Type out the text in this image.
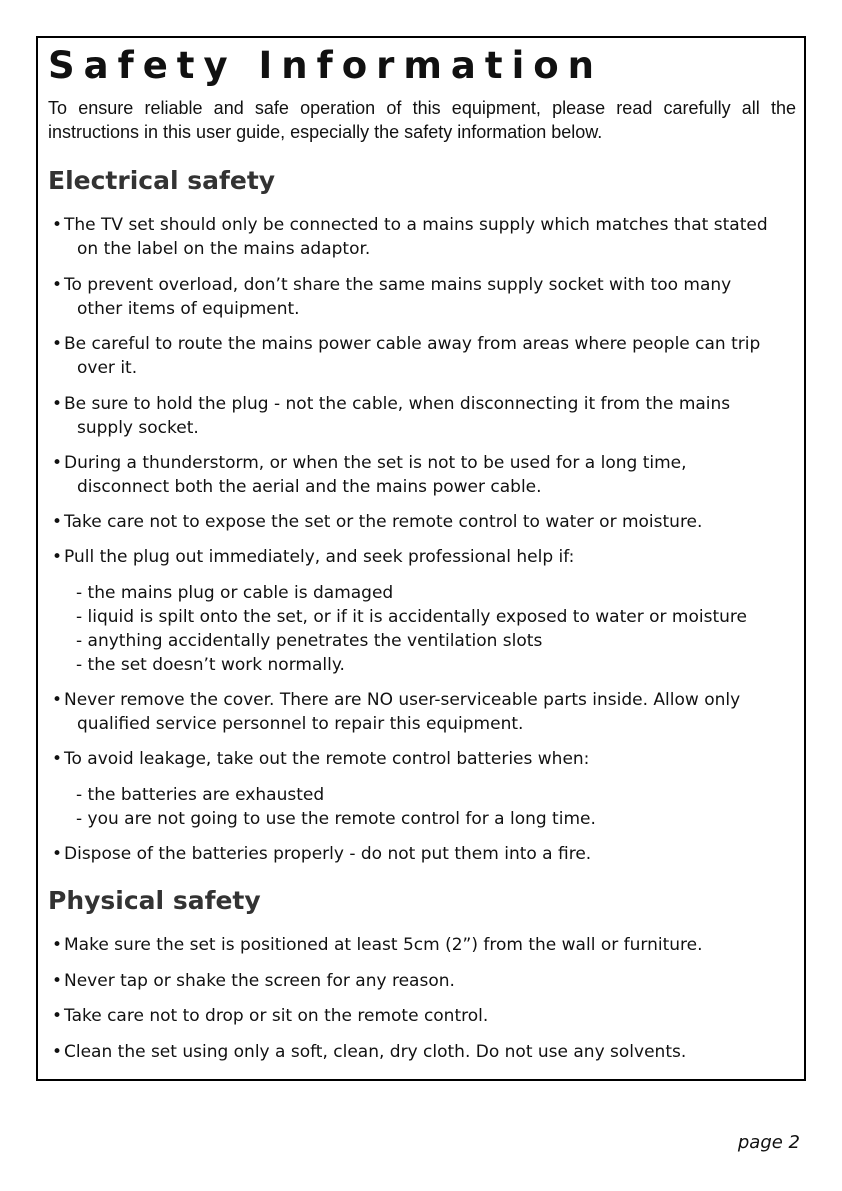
Safety Information
To ensure reliable and safe operation of this equipment, please read carefully all the instructions in this user guide, especially the safety information below.
Electrical safety
• The TV set should only be connected to a mains supply which matches that stated
on the label on the mains adaptor.
• To prevent overload, don’t share the same mains supply socket with too many
other items of equipment.
• Be careful to route the mains power cable away from areas where people can trip
over it.
• Be sure to hold the plug - not the cable, when disconnecting it from the mains
supply socket.
• During a thunderstorm, or when the set is not to be used for a long time,
disconnect both the aerial and the mains power cable.
• Take care not to expose the set or the remote control to water or moisture.
• Pull the plug out immediately, and seek professional help if:
- the mains plug or cable is damaged
- liquid is spilt onto the set, or if it is accidentally exposed to water or moisture
- anything accidentally penetrates the ventilation slots
- the set doesn’t work normally.
• Never remove the cover. There are NO user-serviceable parts inside. Allow only
qualified service personnel to repair this equipment.
• To avoid leakage, take out the remote control batteries when:
- the batteries are exhausted
- you are not going to use the remote control for a long time.
• Dispose of the batteries properly - do not put them into a fire.
Physical safety
• Make sure the set is positioned at least 5cm (2”) from the wall or furniture.
• Never tap or shake the screen for any reason.
• Take care not to drop or sit on the remote control.
• Clean the set using only a soft, clean, dry cloth. Do not use any solvents.
page 2
